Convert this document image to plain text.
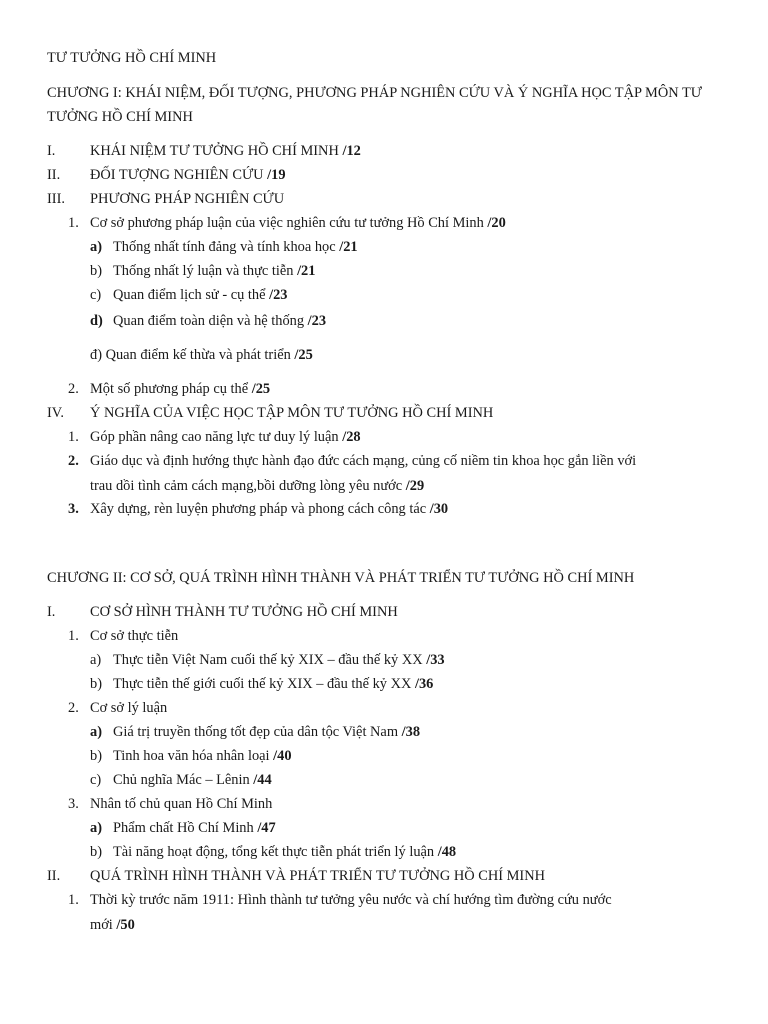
TƯ TƯỞNG HỒ CHÍ MINH
CHƯƠNG I: KHÁI NIỆM, ĐỐI TƯỢNG, PHƯƠNG PHÁP NGHIÊN CỨU VÀ Ý NGHĨA HỌC TẬP MÔN TƯ TƯỞNG HỒ CHÍ MINH
I. KHÁI NIỆM TƯ TƯỞNG HỒ CHÍ MINH /12
II. ĐỐI TƯỢNG NGHIÊN CỨU /19
III. PHƯƠNG PHÁP NGHIÊN CỨU
1. Cơ sở phương pháp luận của việc nghiên cứu tư tưởng Hồ Chí Minh /20
a) Thống nhất tính đảng và tính khoa học /21
b) Thống nhất lý luận và thực tiễn /21
c) Quan điểm lịch sử - cụ thể /23
d) Quan điểm toàn diện và hệ thống /23
đ) Quan điểm kế thừa và phát triển /25
2. Một số phương pháp cụ thể /25
IV. Ý NGHĨA CỦA VIỆC HỌC TẬP MÔN TƯ TƯỞNG HỒ CHÍ MINH
1. Góp phần nâng cao năng lực tư duy lý luận /28
2. Giáo dục và định hướng thực hành đạo đức cách mạng, củng cố niềm tin khoa học gắn liền với
trau dồi tình cảm cách mạng,bồi dưỡng lòng yêu nước /29
3. Xây dựng, rèn luyện phương pháp và phong cách công tác /30
CHƯƠNG II: CƠ SỞ, QUÁ TRÌNH HÌNH THÀNH VÀ PHÁT TRIỂN TƯ TƯỞNG HỒ CHÍ MINH
I. CƠ SỞ HÌNH THÀNH TƯ TƯỞNG HỒ CHÍ MINH
1. Cơ sở thực tiễn
a) Thực tiễn Việt Nam cuối thế kỷ XIX – đầu thế kỷ XX /33
b) Thực tiễn thế giới cuối thế kỷ XIX – đầu thế kỷ XX /36
2. Cơ sở lý luận
a) Giá trị truyền thống tốt đẹp của dân tộc Việt Nam /38
b) Tinh hoa văn hóa nhân loại /40
c) Chủ nghĩa Mác – Lênin /44
3. Nhân tố chủ quan Hồ Chí Minh
a) Phẩm chất Hồ Chí Minh /47
b) Tài năng hoạt động, tổng kết thực tiễn phát triển lý luận /48
II. QUÁ TRÌNH HÌNH THÀNH VÀ PHÁT TRIỂN TƯ TƯỞNG HỒ CHÍ MINH
1. Thời kỳ trước năm 1911: Hình thành tư tưởng yêu nước và chí hướng tìm đường cứu nước
mới /50
